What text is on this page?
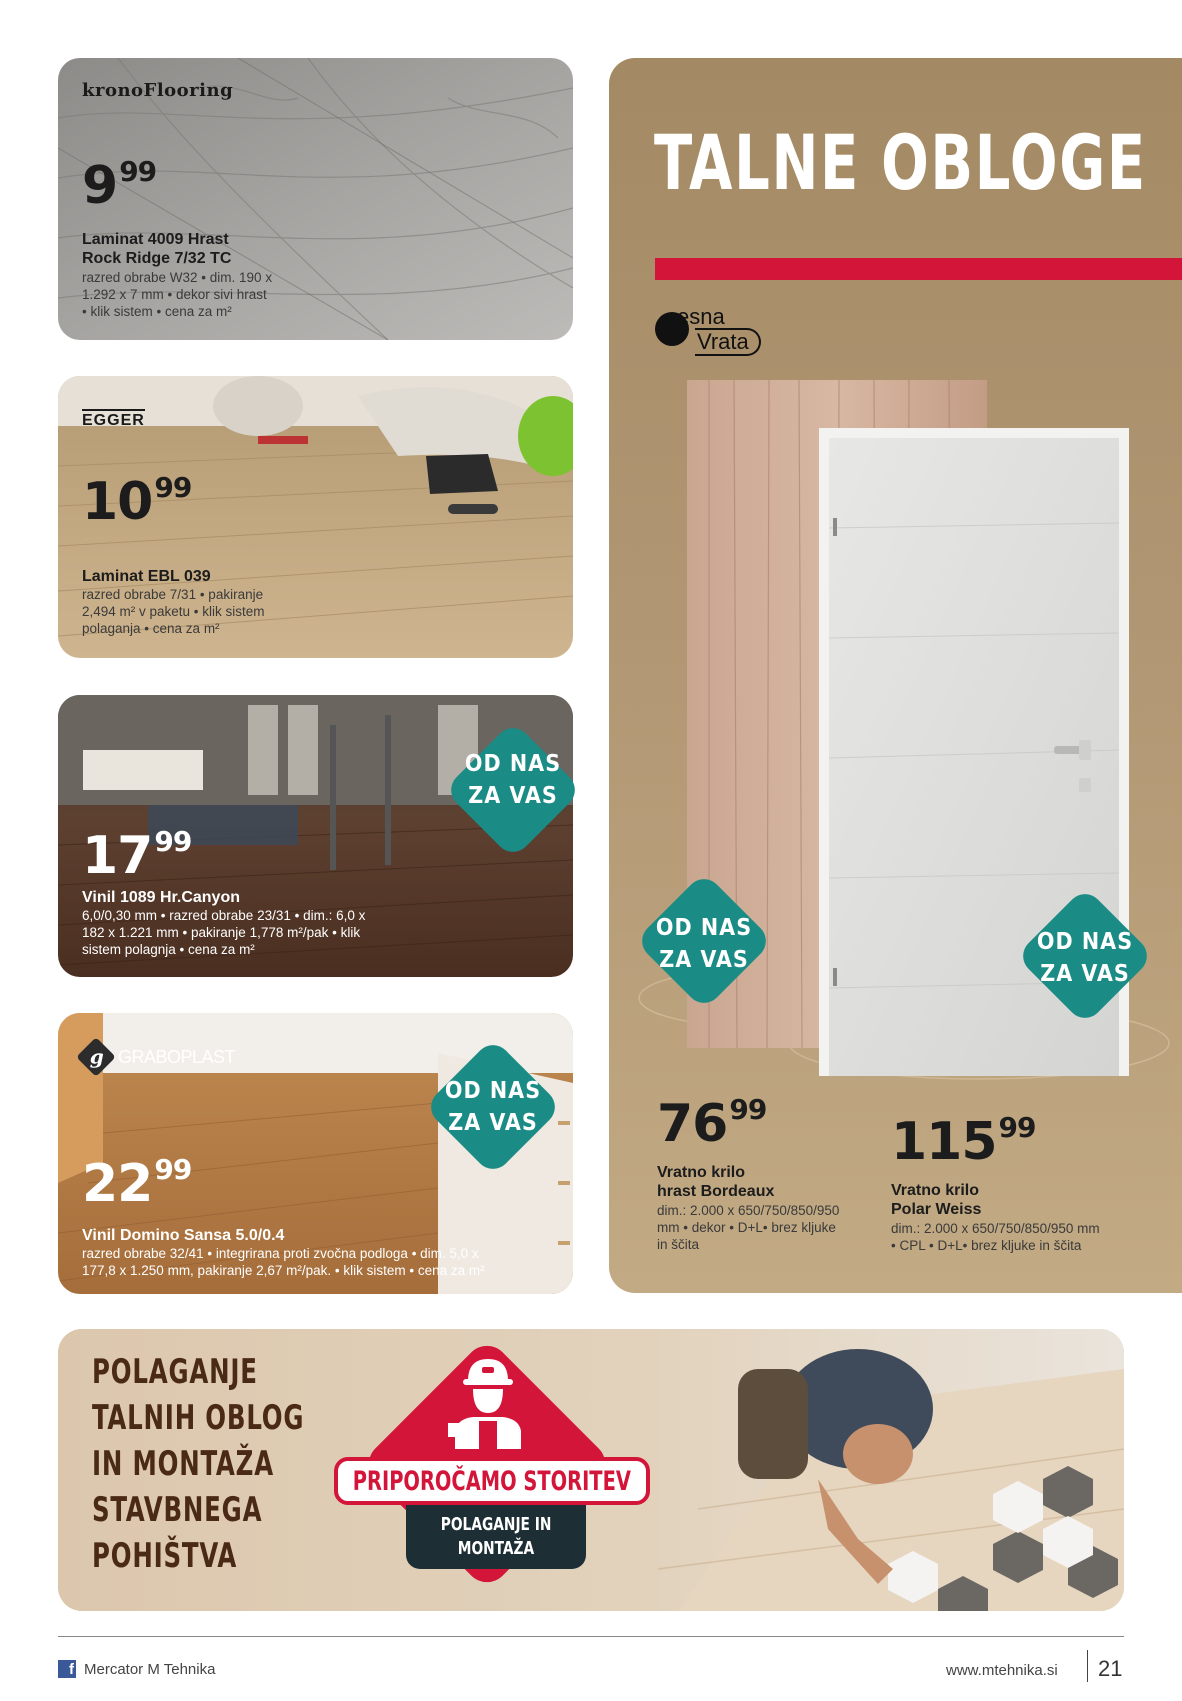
kronoFlooring
$9^{99}$
Laminat 4009 Hrast
Rock Ridge 7/32 TC
razred obrabe W32 • dim. 190 x
1.292 x 7 mm • dekor sivi hrast
• klik sistem • cena za m²
EGGER
$10^{99}$
Laminat EBL 039
razred obrabe 7/31 • pakiranje
2,494 m² v paketu • klik sistem
polaganja • cena za m²
$17^{99}$
Vinil 1089 Hr.Canyon
6,0/0,30 mm • razred obrabe 23/31 • dim.: 6,0 x
182 x 1.221 mm • pakiranje 1,778 m²/pak • klik
sistem polagnja • cena za m²
OD NAS
ZA VAS
g GRABOPLAST
$22^{99}$
Vinil Domino Sansa 5.0/0.4
razred obrabe 32/41 • integrirana proti zvočna podloga • dim. 5,0 x
177,8 x 1.250 mm, pakiranje 2,67 m²/pak. • klik sistem • cena za m²
OD NAS
ZA VAS
TALNE OBLOGE
esna
Vrata
$76^{99}$
Vratno krilo
hrast Bordeaux
dim.: 2.000 x 650/750/850/950
mm • dekor • D+L• brez kljuke
in ščita
$115^{99}$
Vratno krilo
Polar Weiss
dim.: 2.000 x 650/750/850/950 mm
• CPL • D+L• brez kljuke in ščita
OD NAS
ZA VAS
OD NAS
ZA VAS
POLAGANJE
TALNIH OBLOG
IN MONTAŽA
STAVBNEGA
POHIŠTVA
PRIPOROČAMO STORITEV
POLAGANJE IN
MONTAŽA
f Mercator M Tehnika	www.mtehnika.si 21
